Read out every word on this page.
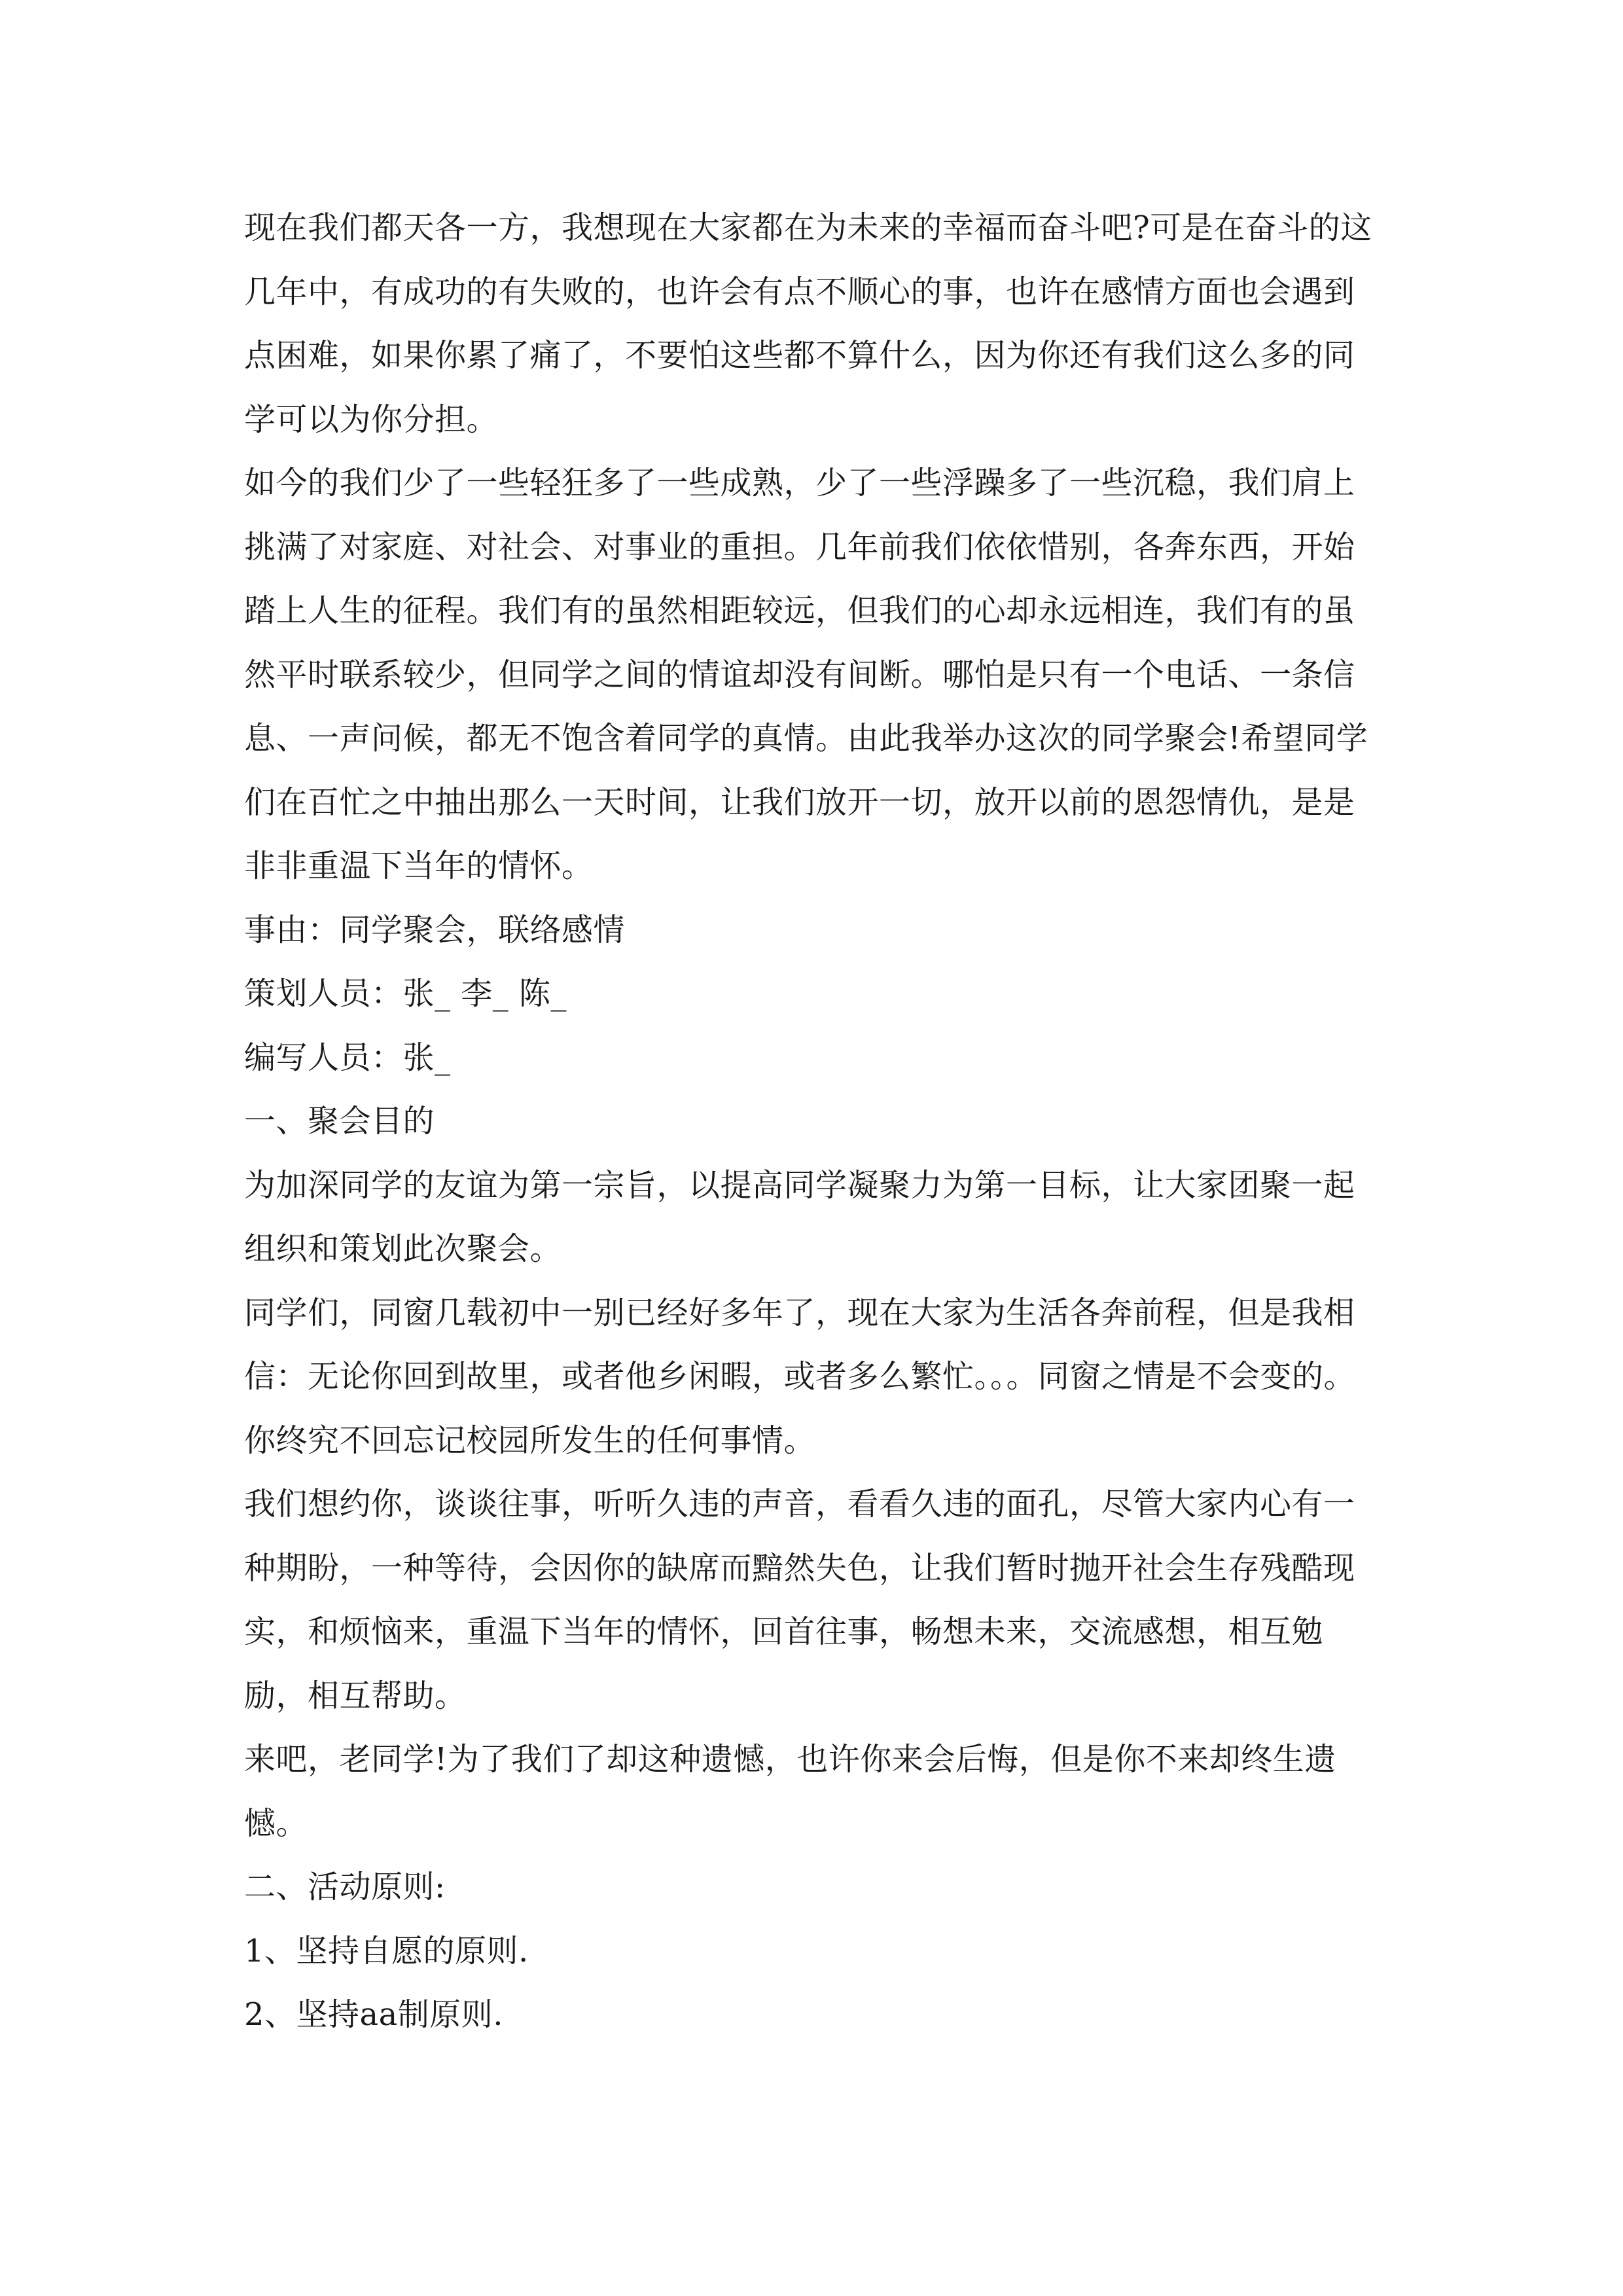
现在我们都天各一方，我想现在大家都在为未来的幸福而奋斗吧?可是在奋斗的这几年中，有成功的有失败的，也许会有点不顺心的事，也许在感情方面也会遇到点困难，如果你累了痛了，不要怕这些都不算什么，因为你还有我们这么多的同学可以为你分担。

如今的我们少了一些轻狂多了一些成熟，少了一些浮躁多了一些沉稳，我们肩上挑满了对家庭、对社会、对事业的重担。几年前我们依依惜别，各奔东西，开始踏上人生的征程。我们有的虽然相距较远，但我们的心却永远相连，我们有的虽然平时联系较少，但同学之间的情谊却没有间断。哪怕是只有一个电话、一条信息、一声问候，都无不饱含着同学的真情。由此我举办这次的同学聚会!希望同学们在百忙之中抽出那么一天时间，让我们放开一切，放开以前的恩怨情仇，是是非非重温下当年的情怀。

事由：同学聚会，联络感情

策划人员：张_ 李_ 陈_

编写人员：张_

一、聚会目的

为加深同学的友谊为第一宗旨，以提高同学凝聚力为第一目标，让大家团聚一起组织和策划此次聚会。

同学们，同窗几载初中一别已经好多年了，现在大家为生活各奔前程，但是我相信：无论你回到故里，或者他乡闲暇，或者多么繁忙。。。同窗之情是不会变的。你终究不回忘记校园所发生的任何事情。

我们想约你，谈谈往事，听听久违的声音，看看久违的面孔，尽管大家内心有一种期盼，一种等待，会因你的缺席而黯然失色，让我们暂时抛开社会生存残酷现实，和烦恼来，重温下当年的情怀，回首往事，畅想未来，交流感想，相互勉励，相互帮助。

来吧，老同学!为了我们了却这种遗憾，也许你来会后悔，但是你不来却终生遗憾。

二、活动原则:

1、坚持自愿的原则.

2、坚持aa制原则.
